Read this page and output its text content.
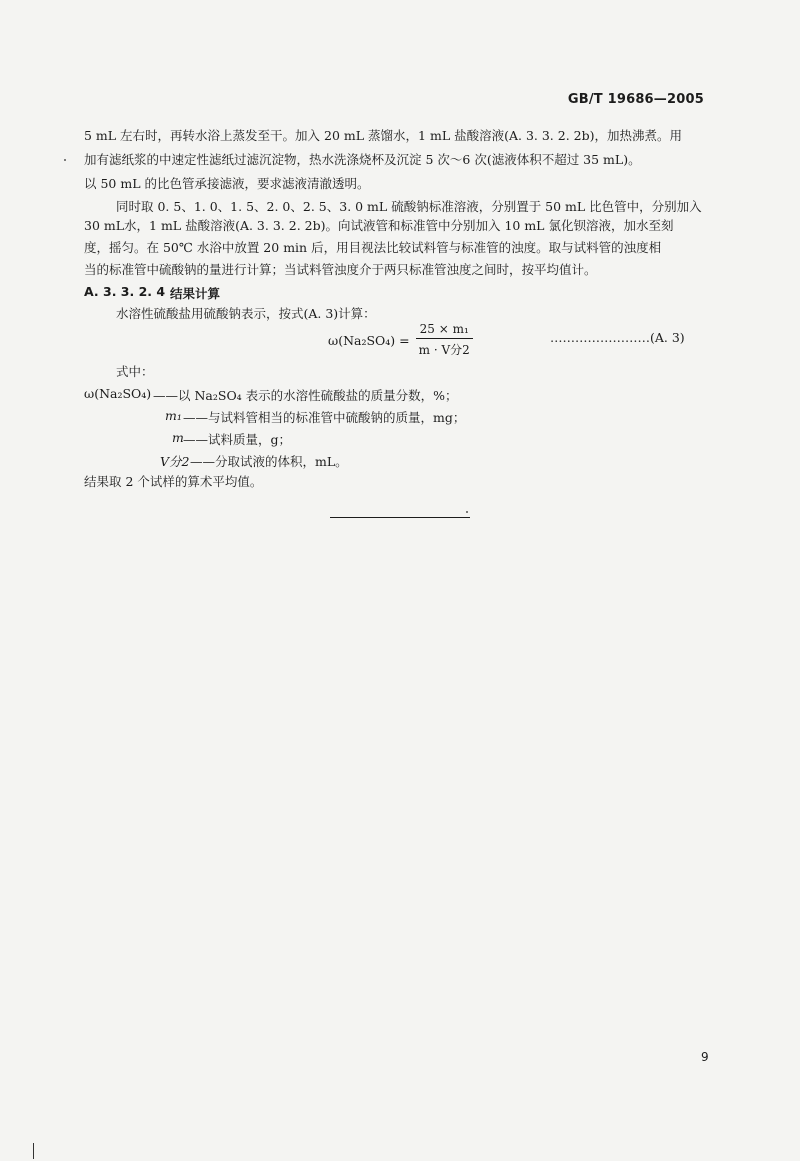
GB/T 19686—2005
5 mL 左右时，再转水浴上蒸发至干。加入 20 mL 蒸馏水，1 mL 盐酸溶液(A. 3. 3. 2. 2b)，加热沸煮。用
加有滤纸浆的中速定性滤纸过滤沉淀物，热水洗涤烧杯及沉淀 5 次～6 次(滤液体积不超过 35 mL)。
以 50 mL 的比色管承接滤液，要求滤液清澈透明。
同时取 0. 5、1. 0、1. 5、2. 0、2. 5、3. 0 mL 硫酸钠标准溶液，分别置于 50 mL 比色管中，分别加入
30 mL水，1 mL 盐酸溶液(A. 3. 3. 2. 2b)。向试液管和标准管中分别加入 10 mL 氯化钡溶液，加水至刻
度，摇匀。在 50℃ 水浴中放置 20 min 后，用目视法比较试料管与标准管的浊度。取与试料管的浊度相
当的标准管中硫酸钠的量进行计算；当试料管浊度介于两只标准管浊度之间时，按平均值计。
A. 3. 3. 2. 4 结果计算
水溶性硫酸盐用硫酸钠表示，按式(A. 3)计算：
$\omega(Na_2SO_4) = \frac{\text{25 × m₁}}{\text{m · V分2}}$	……………………(A. 3)
式中：
ω(Na₂SO₄) ——以 Na₂SO₄ 表示的水溶性硫酸盐的质量分数，%；
m₁ ——与试料管相当的标准管中硫酸钠的质量，mg；
m ——试料质量，g；
V分2 ——分取试液的体积，mL。
结果取 2 个试样的算术平均值。
9
